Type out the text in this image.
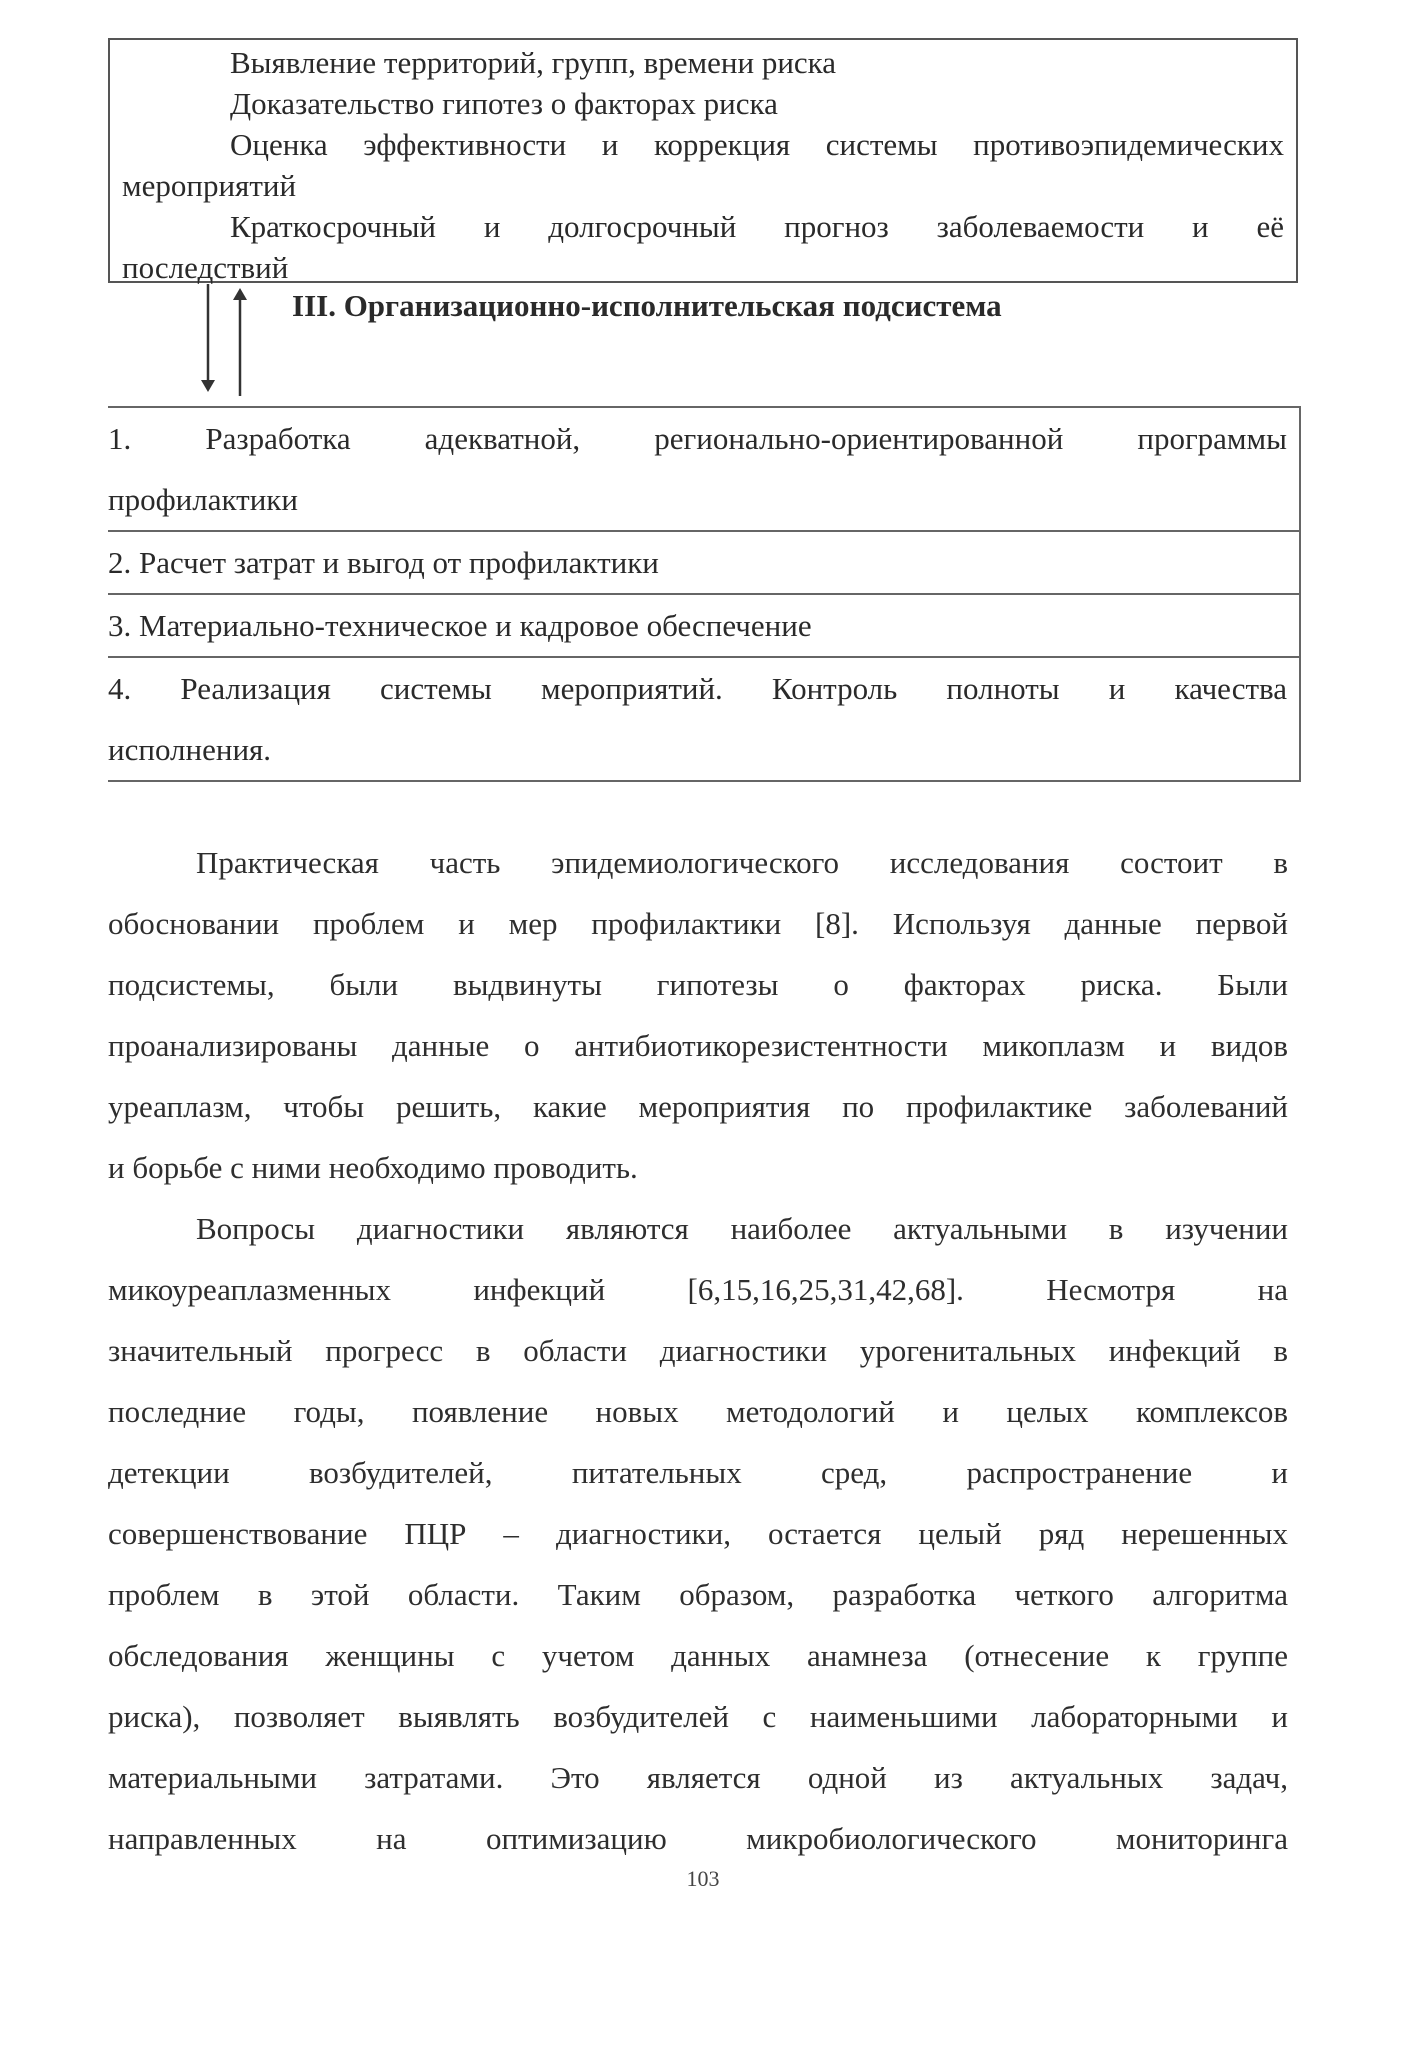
Выявление территорий, групп, времени риска

Доказательство гипотез о факторах риска

Оценка эффективности и коррекция системы противоэпидемических

мероприятий

Краткосрочный и долгосрочный прогноз заболеваемости и её

последствий

III. Организационно-исполнительская подсистема
1. Разработка адекватной, регионально-ориентированной программы
профилактики
2. Расчет затрат и выгод от профилактики
3. Материально-техническое и кадровое обеспечение
4. Реализация системы мероприятий. Контроль полноты и качества
исполнения.
Практическая часть эпидемиологического исследования состоит в
обосновании проблем и мер профилактики [8]. Используя данные первой
подсистемы, были выдвинуты гипотезы о факторах риска. Были
проанализированы данные о антибиотикорезистентности микоплазм и видов
уреаплазм, чтобы решить, какие мероприятия по профилактике заболеваний
и борьбе с ними необходимо проводить.
Вопросы диагностики являются наиболее актуальными в изучении
микоуреаплазменных инфекций [6,15,16,25,31,42,68]. Несмотря на
значительный прогресс в области диагностики урогенитальных инфекций в
последние годы, появление новых методологий и целых комплексов
детекции возбудителей, питательных сред, распространение и
совершенствование ПЦР – диагностики, остается целый ряд нерешенных
проблем в этой области. Таким образом, разработка четкого алгоритма
обследования женщины с учетом данных анамнеза (отнесение к группе
риска), позволяет выявлять возбудителей с наименьшими лабораторными и
материальными затратами. Это является одной из актуальных задач,
направленных на оптимизацию микробиологического мониторинга
103
